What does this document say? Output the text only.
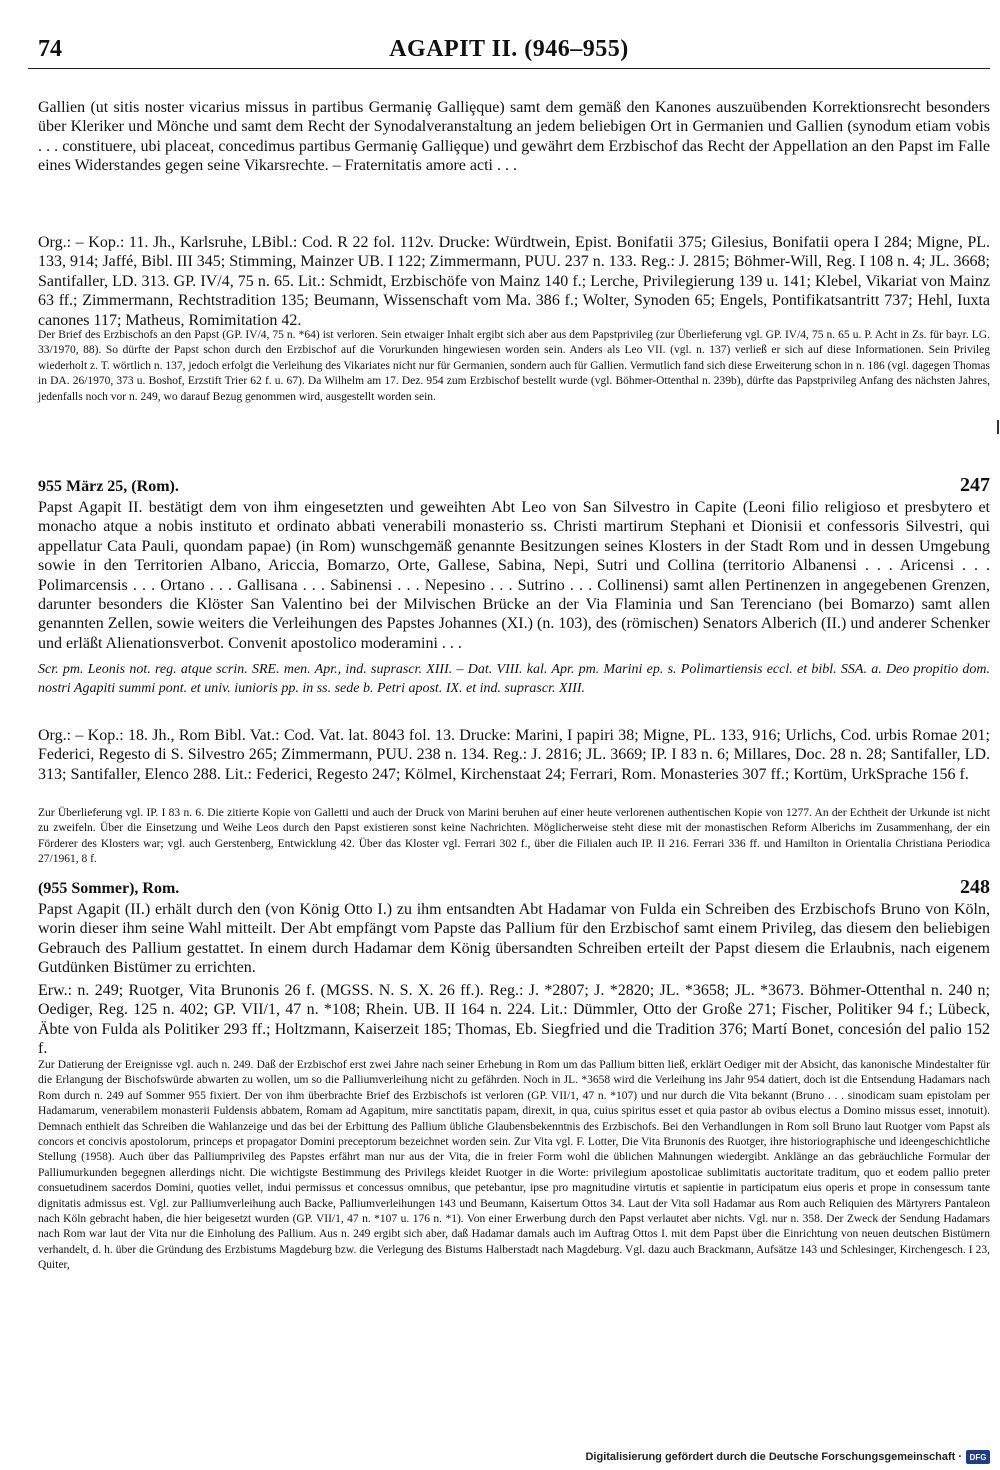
74	AGAPIT II. (946–955)
Gallien (ut sitis noster vicarius missus in partibus Germaniȩ Galliȩque) samt dem gemäß den Kanones auszuübenden Korrektionsrecht besonders über Kleriker und Mönche und samt dem Recht der Synodalveranstaltung an jedem beliebigen Ort in Germanien und Gallien (synodum etiam vobis . . . constituere, ubi placeat, concedimus partibus Germaniȩ Galliȩque) und gewährt dem Erzbischof das Recht der Appellation an den Papst im Falle eines Widerstandes gegen seine Vikarsrechte. – Fraternitatis amore acti . . .
Org.: – Kop.: 11. Jh., Karlsruhe, LBibl.: Cod. R 22 fol. 112v. Drucke: Würdtwein, Epist. Bonifatii 375; Gilesius, Bonifatii opera I 284; Migne, PL. 133, 914; Jaffé, Bibl. III 345; Stimming, Mainzer UB. I 122; Zimmermann, PUU. 237 n. 133. Reg.: J. 2815; Böhmer-Will, Reg. I 108 n. 4; JL. 3668; Santifaller, LD. 313. GP. IV/4, 75 n. 65. Lit.: Schmidt, Erzbischöfe von Mainz 140 f.; Lerche, Privilegierung 139 u. 141; Klebel, Vikariat von Mainz 63 ff.; Zimmermann, Rechtstradition 135; Beumann, Wissenschaft vom Ma. 386 f.; Wolter, Synoden 65; Engels, Pontifikatsantritt 737; Hehl, Iuxta canones 117; Matheus, Romimitation 42.
Der Brief des Erzbischofs an den Papst (GP. IV/4, 75 n. *64) ist verloren. Sein etwaiger Inhalt ergibt sich aber aus dem Papstprivileg (zur Überlieferung vgl. GP. IV/4, 75 n. 65 u. P. Acht in Zs. für bayr. LG. 33/1970, 88). So dürfte der Papst schon durch den Erzbischof auf die Vorurkunden hingewiesen worden sein. Anders als Leo VII. (vgl. n. 137) verließ er sich auf diese Informationen. Sein Privileg wiederholt z. T. wörtlich n. 137, jedoch erfolgt die Verleihung des Vikariates nicht nur für Germanien, sondern auch für Gallien. Vermutlich fand sich diese Erweiterung schon in n. 186 (vgl. dagegen Thomas in DA. 26/1970, 373 u. Boshof, Erzstift Trier 62 f. u. 67). Da Wilhelm am 17. Dez. 954 zum Erzbischof bestellt wurde (vgl. Böhmer-Ottenthal n. 239b), dürfte das Papstprivileg Anfang des nächsten Jahres, jedenfalls noch vor n. 249, wo darauf Bezug genommen wird, ausgestellt worden sein.
955 März 25, (Rom).	247
Papst Agapit II. bestätigt dem von ihm eingesetzten und geweihten Abt Leo von San Silvestro in Capite (Leoni filio religioso et presbytero et monacho atque a nobis instituto et ordinato abbati venerabili monasterio ss. Christi martirum Stephani et Dionisii et confessoris Silvestri, qui appellatur Cata Pauli, quondam papae) (in Rom) wunschgemäß genannte Besitzungen seines Klosters in der Stadt Rom und in dessen Umgebung sowie in den Territorien Albano, Ariccia, Bomarzo, Orte, Gallese, Sabina, Nepi, Sutri und Collina (territorio Albanensi . . . Aricensi . . . Polimarcensis . . . Ortano . . . Gallisana . . . Sabinensi . . . Nepesino . . . Sutrino . . . Collinensi) samt allen Pertinenzen in angegebenen Grenzen, darunter besonders die Klöster San Valentino bei der Milvischen Brücke an der Via Flaminia und San Terenciano (bei Bomarzo) samt allen genannten Zellen, sowie weiters die Verleihungen des Papstes Johannes (XI.) (n. 103), des (römischen) Senators Alberich (II.) und anderer Schenker und erläßt Alienationsverbot. Convenit apostolico moderamini . . .
Scr. pm. Leonis not. reg. atque scrin. SRE. men. Apr., ind. suprascr. XIII. – Dat. VIII. kal. Apr. pm. Marini ep. s. Polimartiensis eccl. et bibl. SSA. a. Deo propitio dom. nostri Agapiti summi pont. et univ. iunioris pp. in ss. sede b. Petri apost. IX. et ind. suprascr. XIII.
Org.: – Kop.: 18. Jh., Rom Bibl. Vat.: Cod. Vat. lat. 8043 fol. 13. Drucke: Marini, I papiri 38; Migne, PL. 133, 916; Urlichs, Cod. urbis Romae 201; Federici, Regesto di S. Silvestro 265; Zimmermann, PUU. 238 n. 134. Reg.: J. 2816; JL. 3669; IP. I 83 n. 6; Millares, Doc. 28 n. 28; Santifaller, LD. 313; Santifaller, Elenco 288. Lit.: Federici, Regesto 247; Kölmel, Kirchenstaat 24; Ferrari, Rom. Monasteries 307 ff.; Kortüm, UrkSprache 156 f.
Zur Überlieferung vgl. IP. I 83 n. 6. Die zitierte Kopie von Galletti und auch der Druck von Marini beruhen auf einer heute verlorenen authentischen Kopie von 1277. An der Echtheit der Urkunde ist nicht zu zweifeln. Über die Einsetzung und Weihe Leos durch den Papst existieren sonst keine Nachrichten. Möglicherweise steht diese mit der monastischen Reform Alberichs im Zusammenhang, der ein Förderer des Klosters war; vgl. auch Gerstenberg, Entwicklung 42. Über das Kloster vgl. Ferrari 302 f., über die Filialen auch IP. II 216. Ferrari 336 ff. und Hamilton in Orientalia Christiana Periodica 27/1961, 8 f.
(955 Sommer), Rom.	248
Papst Agapit (II.) erhält durch den (von König Otto I.) zu ihm entsandten Abt Hadamar von Fulda ein Schreiben des Erzbischofs Bruno von Köln, worin dieser ihm seine Wahl mitteilt. Der Abt empfängt vom Papste das Pallium für den Erzbischof samt einem Privileg, das diesem den beliebigen Gebrauch des Pallium gestattet. In einem durch Hadamar dem König übersandten Schreiben erteilt der Papst diesem die Erlaubnis, nach eigenem Gutdünken Bistümer zu errichten.
Erw.: n. 249; Ruotger, Vita Brunonis 26 f. (MGSS. N. S. X. 26 ff.). Reg.: J. *2807; J. *2820; JL. *3658; JL. *3673. Böhmer-Ottenthal n. 240 n; Oediger, Reg. 125 n. 402; GP. VII/1, 47 n. *108; Rhein. UB. II 164 n. 224. Lit.: Dümmler, Otto der Große 271; Fischer, Politiker 94 f.; Lübeck, Äbte von Fulda als Politiker 293 ff.; Holtzmann, Kaiserzeit 185; Thomas, Eb. Siegfried und die Tradition 376; Martí Bonet, concesión del palio 152 f.
Zur Datierung der Ereignisse vgl. auch n. 249. Daß der Erzbischof erst zwei Jahre nach seiner Erhebung in Rom um das Pallium bitten ließ, erklärt Oediger mit der Absicht, das kanonische Mindestalter für die Erlangung der Bischofswürde abwarten zu wollen, um so die Palliumverleihung nicht zu gefährden. Noch in JL. *3658 wird die Verleihung ins Jahr 954 datiert, doch ist die Entsendung Hadamars nach Rom durch n. 249 auf Sommer 955 fixiert. Der von ihm überbrachte Brief des Erzbischofs ist verloren (GP. VII/1, 47 n. *107) und nur durch die Vita bekannt (Bruno . . . sinodicam suam epistolam per Hadamarum, venerabilem monasterii Fuldensis abbatem, Romam ad Agapitum, mire sanctitatis papam, direxit, in qua, cuius spiritus esset et quia pastor ab ovibus electus a Domino missus esset, innotuit). Demnach enthielt das Schreiben die Wahlanzeige und das bei der Erbittung des Pallium übliche Glaubensbekenntnis des Erzbischofs. Bei den Verhandlungen in Rom soll Bruno laut Ruotger vom Papst als concors et concivis apostolorum, princeps et propagator Domini preceptorum bezeichnet worden sein. Zur Vita vgl. F. Lotter, Die Vita Brunonis des Ruotger, ihre historiographische und ideengeschichtliche Stellung (1958). Auch über das Palliumprivileg des Papstes erfährt man nur aus der Vita, die in freier Form wohl die üblichen Mahnungen wiedergibt. Anklänge an das gebräuchliche Formular der Palliumurkunden begegnen allerdings nicht. Die wichtigste Bestimmung des Privilegs kleidet Ruotger in die Worte: privilegium apostolicae sublimitatis auctoritate traditum, quo et eodem pallio preter consuetudinem sacerdos Domini, quoties vellet, indui permissus et concessus omnibus, que petebantur, ipse pro magnitudine virtutis et sapientie in participatum eius operis et prope in consessum tante dignitatis admissus est. Vgl. zur Palliumverleihung auch Backe, Palliumverleihungen 143 und Beumann, Kaisertum Ottos 34. Laut der Vita soll Hadamar aus Rom auch Reliquien des Märtyrers Pantaleon nach Köln gebracht haben, die hier beigesetzt wurden (GP. VII/1, 47 n. *107 u. 176 n. *1). Von einer Erwerbung durch den Papst verlautet aber nichts. Vgl. nur n. 358. Der Zweck der Sendung Hadamars nach Rom war laut der Vita nur die Einholung des Pallium. Aus n. 249 ergibt sich aber, daß Hadamar damals auch im Auftrag Ottos I. mit dem Papst über die Einrichtung von neuen deutschen Bistümern verhandelt, d. h. über die Gründung des Erzbistums Magdeburg bzw. die Verlegung des Bistums Halberstadt nach Magdeburg. Vgl. dazu auch Brackmann, Aufsätze 143 und Schlesinger, Kirchengesch. I 23, Quiter,
Digitalisierung gefördert durch die Deutsche Forschungsgemeinschaft · DFG
